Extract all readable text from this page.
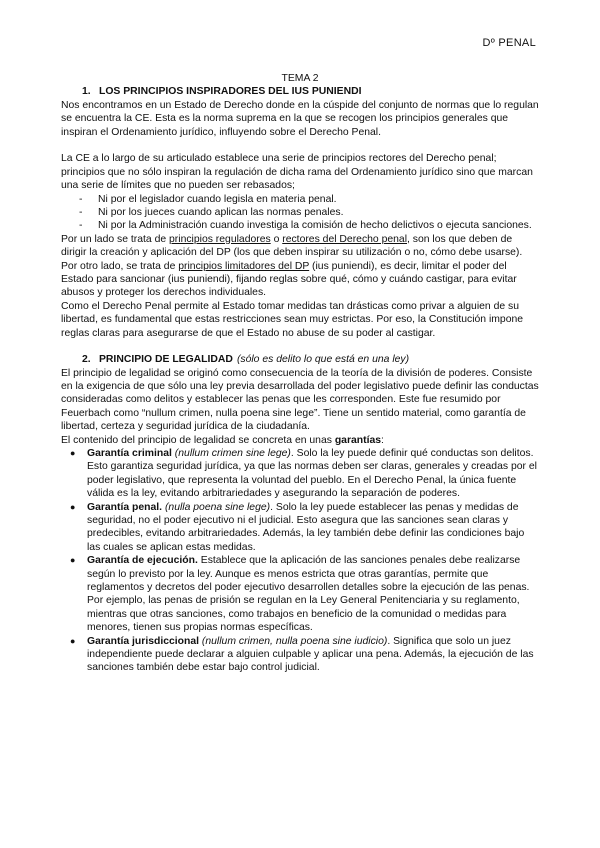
Dº PENAL

TEMA 2

1. LOS PRINCIPIOS INSPIRADORES DEL IUS PUNIENDI

Nos encontramos en un Estado de Derecho donde en la cúspide del conjunto de normas que lo regulan se encuentra la CE. Esta es la norma suprema en la que se recogen los principios generales que inspiran el Ordenamiento jurídico, influyendo sobre el Derecho Penal.

La CE a lo largo de su articulado establece una serie de principios rectores del Derecho penal; principios que no sólo inspiran la regulación de dicha rama del Ordenamiento jurídico sino que marcan una serie de límites que no pueden ser rebasados;

-	Ni por el legislador cuando legisla en materia penal.
-	Ni por los jueces cuando aplican las normas penales.
-	Ni por la Administración cuando investiga la comisión de hecho delictivos o ejecuta sanciones.

Por un lado se trata de principios reguladores o rectores del Derecho penal, son los que deben de dirigir la creación y aplicación del DP (los que deben inspirar su utilización o no, cómo debe usarse).

Por otro lado, se trata de principios limitadores del DP (ius puniendi), es decir, limitar el poder del Estado para sancionar (ius puniendi), fijando reglas sobre qué, cómo y cuándo castigar, para evitar abusos y proteger los derechos individuales.

Como el Derecho Penal permite al Estado tomar medidas tan drásticas como privar a alguien de su libertad, es fundamental que estas restricciones sean muy estrictas. Por eso, la Constitución impone reglas claras para asegurarse de que el Estado no abuse de su poder al castigar.

2. PRINCIPIO DE LEGALIDAD (sólo es delito lo que está en una ley)

El principio de legalidad se originó como consecuencia de la teoría de la división de poderes. Consiste en la exigencia de que sólo una ley previa desarrollada del poder legislativo puede definir las conductas consideradas como delitos y establecer las penas que les corresponden. Este fue resumido por Feuerbach como “nullum crimen, nulla poena sine lege”. Tiene un sentido material, como garantía de libertad, certeza y seguridad jurídica de la ciudadanía.

El contenido del principio de legalidad se concreta en unas garantías:

●	Garantía criminal (nullum crimen sine lege). Solo la ley puede definir qué conductas son delitos. Esto garantiza seguridad jurídica, ya que las normas deben ser claras, generales y creadas por el poder legislativo, que representa la voluntad del pueblo. En el Derecho Penal, la única fuente válida es la ley, evitando arbitrariedades y asegurando la separación de poderes.
●	Garantía penal. (nulla poena sine lege). Solo la ley puede establecer las penas y medidas de seguridad, no el poder ejecutivo ni el judicial. Esto asegura que las sanciones sean claras y predecibles, evitando arbitrariedades. Además, la ley también debe definir las condiciones bajo las cuales se aplican estas medidas.
●	Garantía de ejecución. Establece que la aplicación de las sanciones penales debe realizarse según lo previsto por la ley. Aunque es menos estricta que otras garantías, permite que reglamentos y decretos del poder ejecutivo desarrollen detalles sobre la ejecución de las penas. Por ejemplo, las penas de prisión se regulan en la Ley General Penitenciaria y su reglamento, mientras que otras sanciones, como trabajos en beneficio de la comunidad o medidas para menores, tienen sus propias normas específicas.
●	Garantía jurisdiccional (nullum crimen, nulla poena sine iudicio). Significa que solo un juez independiente puede declarar a alguien culpable y aplicar una pena. Además, la ejecución de las sanciones también debe estar bajo control judicial.
